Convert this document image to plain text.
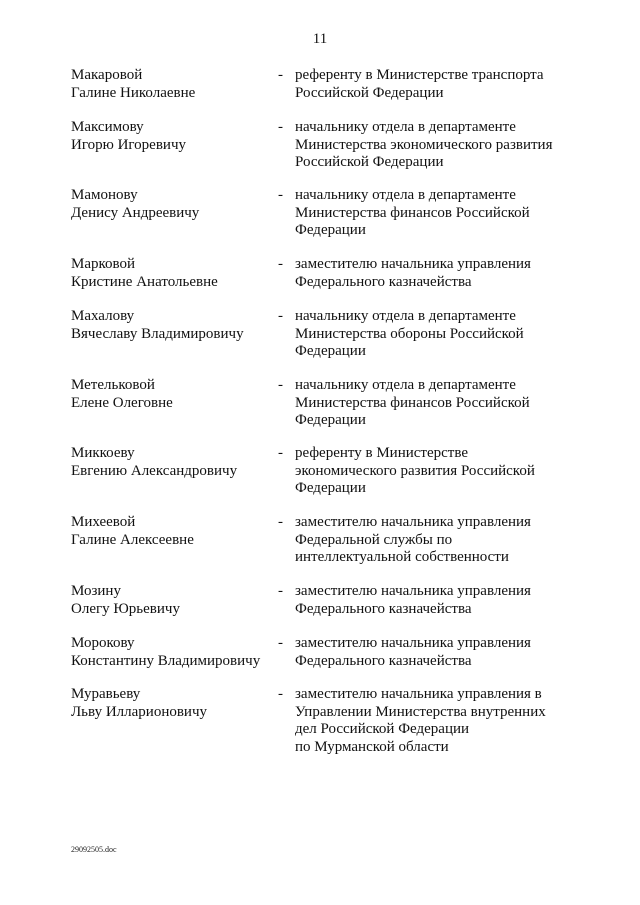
11
Макаровой
Галине Николаевне
- референту в Министерстве транспорта
Российской Федерации
Максимову
Игорю Игоревичу
- начальнику отдела в департаменте
Министерства экономического развития
Российской Федерации
Мамонову
Денису Андреевичу
- начальнику отдела в департаменте
Министерства финансов Российской
Федерации
Марковой
Кристине Анатольевне
- заместителю начальника управления
Федерального казначейства
Махалову
Вячеславу Владимировичу
- начальнику отдела в департаменте
Министерства обороны Российской
Федерации
Метельковой
Елене Олеговне
- начальнику отдела в департаменте
Министерства финансов Российской
Федерации
Миккоеву
Евгению Александровичу
- референту в Министерстве
экономического развития Российской
Федерации
Михеевой
Галине Алексеевне
- заместителю начальника управления
Федеральной службы по
интеллектуальной собственности
Мозину
Олегу Юрьевичу
- заместителю начальника управления
Федерального казначейства
Морокову
Константину Владимировичу
- заместителю начальника управления
Федерального казначейства
Муравьеву
Льву Илларионовичу
- заместителю начальника управления в
Управлении Министерства внутренних
дел Российской Федерации
по Мурманской области
29092505.doc
